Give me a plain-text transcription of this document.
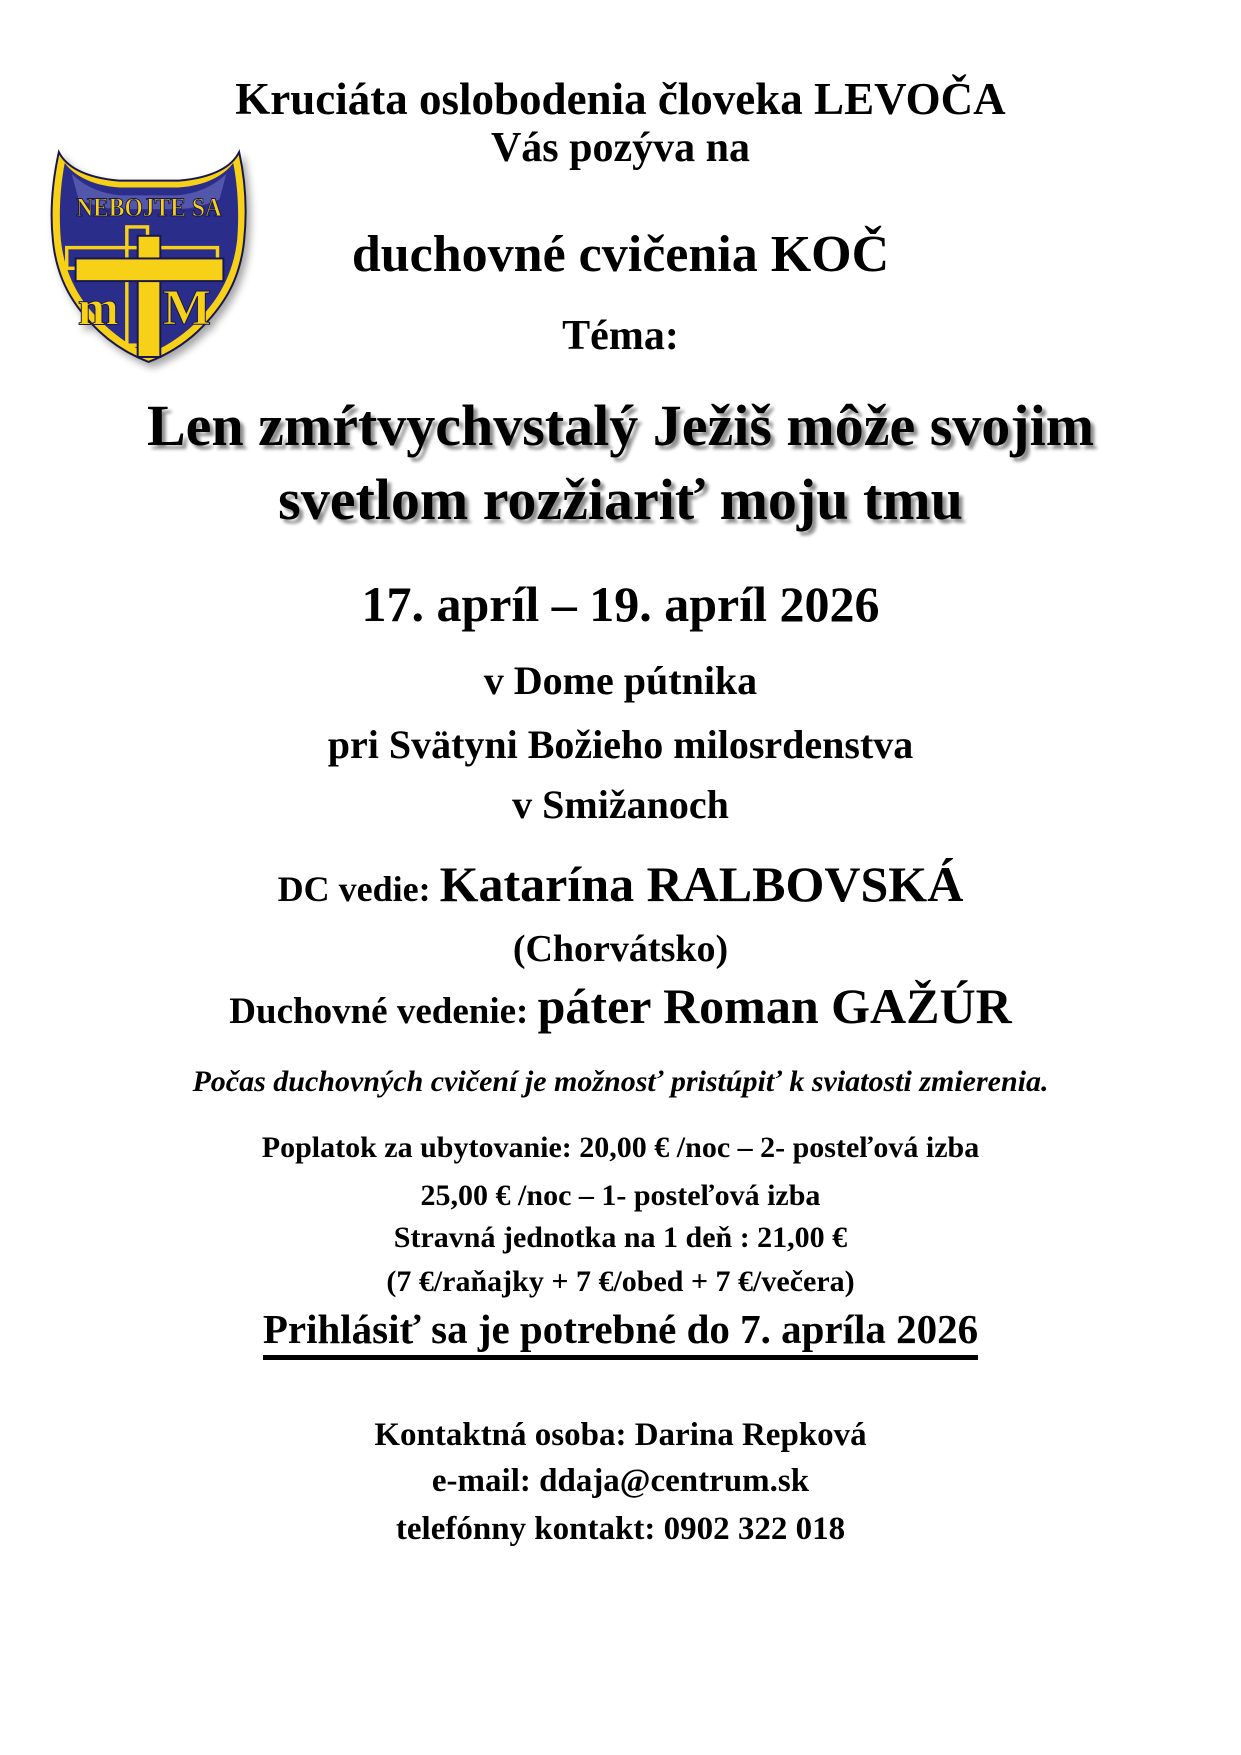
Kruciáta oslobodenia človeka LEVOČA
Vás pozýva na
NEBOJTE SA
m M
duchovné cvičenia KOČ
Téma:
Len zmŕtvychvstalý Ježiš môže svojim
svetlom rozžiariť moju tmu
17. apríl – 19. apríl 2026
v Dome pútnika
pri Svätyni Božieho milosrdenstva
v Smižanoch
DC vedie: Katarína RALBOVSKÁ
(Chorvátsko)
Duchovné vedenie: páter Roman GAŽÚR
Počas duchovných cvičení je možnosť pristúpiť k sviatosti zmierenia.
Poplatok za ubytovanie: 20,00 € /noc – 2- posteľová izba
25,00 € /noc – 1- posteľová izba
Stravná jednotka na 1 deň : 21,00 €
(7 €/raňajky + 7 €/obed + 7 €/večera)
Prihlásiť sa je potrebné do 7. apríla 2026
Kontaktná osoba: Darina Repková
e-mail: ddaja@centrum.sk
telefónny kontakt: 0902 322 018
